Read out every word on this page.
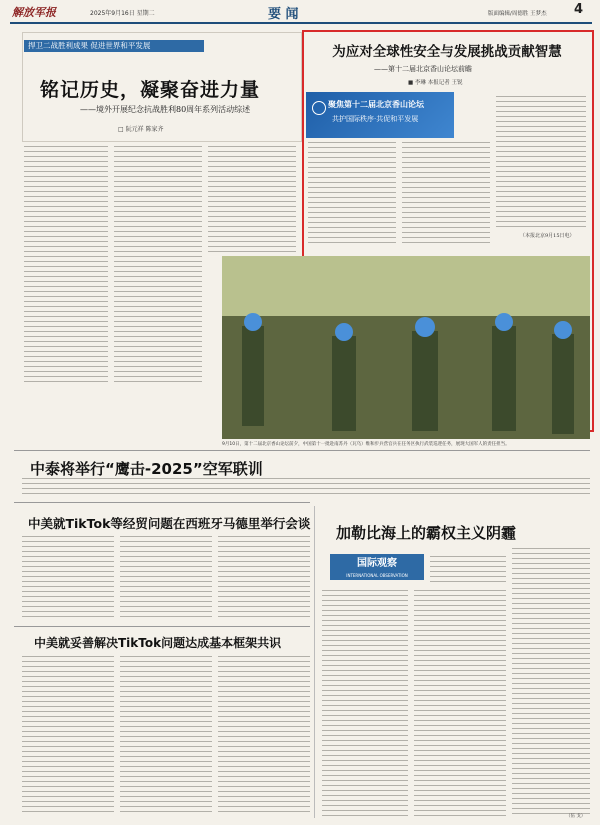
解放军报	2025年9月16日 星期二	要 闻	版面编辑/周德胜 王梦杰 4
捍卫二战胜利成果 促进世界和平发展
铭记历史，凝聚奋进力量
——境外开展纪念抗战胜利80周年系列活动综述
□ 阮元祥 陈家齐
为应对全球性安全与发展挑战贡献智慧
——第十二届北京香山论坛前瞻
■ 李琳 本报记者 王锐
聚焦第十二届北京香山论坛
共护国际秩序·共促和平发展
（本报北京9月15日电）
9月10日，第十二届北京香山论坛前夕，中国第十一批赴南苏丹（瓦乌）维和步兵营官兵在任务区执行武装巡逻任务，展现大国军人的责任担当。
中泰将举行“鹰击-2025”空军联训
中美就TikTok等经贸问题在西班牙马德里举行会谈
中美就妥善解决TikTok问题达成基本框架共识
加勒比海上的霸权主义阴霾
国际观察
INTERNATIONAL OBSERVATION
（伍 戈）
